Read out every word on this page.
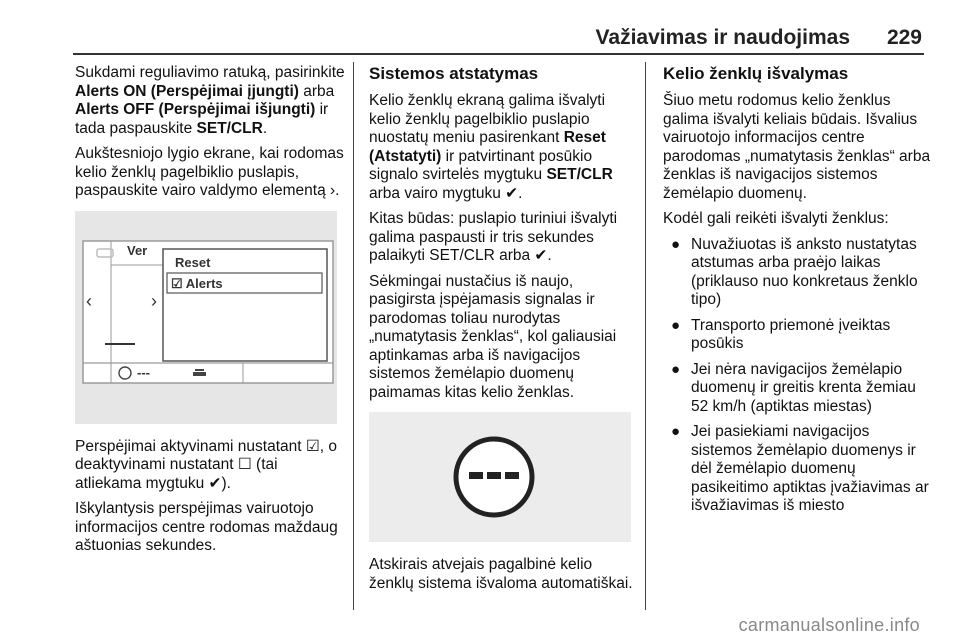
Važiavimas ir naudojimas 229

Sukdami reguliavimo ratuką, pasirinkite Alerts ON (Perspėjimai įjungti) arba Alerts OFF (Perspėjimai išjungti) ir tada paspauskite SET/CLR.

Aukštesniojo lygio ekrane, kai rodomas kelio ženklų pagelbiklio puslapis, paspauskite vairo valdymo elementą ›.

Ver
Reset
☑ Alerts
‹	›
---

Perspėjimai aktyvinami nustatant ☑, o deaktyvinami nustatant ☐ (tai atliekama mygtuku ✔).

Iškylantysis perspėjimas vairuotojo informacijos centre rodomas maždaug aštuonias sekundes.

Sistemos atstatymas

Kelio ženklų ekraną galima išvalyti kelio ženklų pagelbiklio puslapio nuostatų meniu pasirenkant Reset (Atstatyti) ir patvirtinant posūkio signalo svirtelės mygtuku SET/CLR arba vairo mygtuku ✔.

Kitas būdas: puslapio turiniui išvalyti galima paspausti ir tris sekundes palaikyti SET/CLR arba ✔.

Sėkmingai nustačius iš naujo, pasigirsta įspėjamasis signalas ir parodomas toliau nurodytas „numatytasis ženklas“, kol galiausiai aptinkamas arba iš navigacijos sistemos žemėlapio duomenų paimamas kitas kelio ženklas.

Atskirais atvejais pagalbinė kelio ženklų sistema išvaloma automatiškai.

Kelio ženklų išvalymas

Šiuo metu rodomus kelio ženklus galima išvalyti keliais būdais. Išvalius vairuotojo informacijos centre parodomas „numatytasis ženklas“ arba ženklas iš navigacijos sistemos žemėlapio duomenų.

Kodėl gali reikėti išvalyti ženklus:

● Nuvažiuotas iš anksto nustatytas atstumas arba praėjo laikas (priklauso nuo konkretaus ženklo tipo)
● Transporto priemonė įveiktas posūkis
● Jei nėra navigacijos žemėlapio duomenų ir greitis krenta žemiau 52 km/h (aptiktas miestas)
● Jei pasiekiami navigacijos sistemos žemėlapio duomenys ir dėl žemėlapio duomenų pasikeitimo aptiktas įvažiavimas ar išvažiavimas iš miesto
carmanualsonline.info
